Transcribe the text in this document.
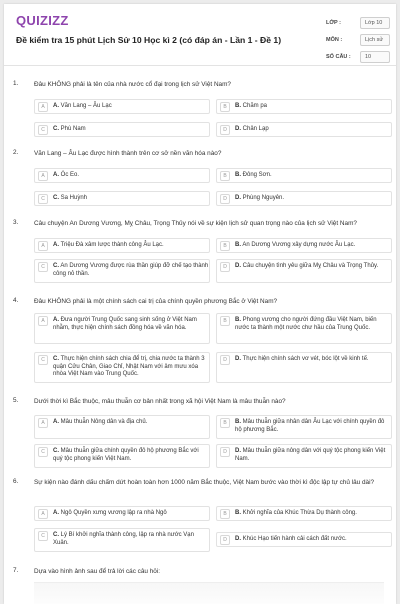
QUIZIZZ
Đề kiểm tra 15 phút Lịch Sử 10 Học kì 2 (có đáp án - Lần 1 - Đề 1)
LỚP :	Lớp 10
MÔN :	Lịch sử
SỐ CÂU :	10
1. Đâu KHÔNG phải là tên của nhà nước cổ đại trong lịch sử Việt Nam?
A	A. Văn Lang – Âu Lạc	B	B. Chăm pa
C	C. Phù Nam	D	D. Chân Lạp
2. Văn Lang – Âu Lạc được hình thành trên cơ sở nền văn hóa nào?
A	A. Óc Eo.	B	B. Đông Sơn.
C	C. Sa Huỳnh	D	D. Phùng Nguyên.
3. Câu chuyện An Dương Vương, Mỵ Châu, Trọng Thủy nói về sự kiện lịch sử quan trọng nào của lịch sử Việt Nam?
A	A. Triệu Đà xâm lược thành công Âu Lạc.	B	B. An Dương Vương xây dựng nước Âu Lạc.
C	C. An Dương Vương được rùa thần giúp đỡ chế tạo thành công nỏ thần.
D	D. Câu chuyện tình yêu giữa Mỵ Châu và Trọng Thủy.
4. Đâu KHÔNG phải là một chính sách cai trị của chính quyền phương Bắc ở Việt Nam?
A	A. Đưa người Trung Quốc sang sinh sống ở Việt Nam nhằm, thực hiện chính sách đồng hóa về văn hóa.
B	B. Phong vương cho người đứng đầu Việt Nam, biến nước ta thành một nước chư hầu của Trung Quốc.
C	C. Thực hiện chính sách chia để trị, chia nước ta thành 3 quận Cửu Chân, Giao Chỉ, Nhật Nam với âm mưu xóa nhòa Việt Nam vào Trung Quốc.
D	D. Thực hiện chính sách vơ vét, bóc lột về kinh tế.
5. Dưới thời kì Bắc thuộc, mâu thuẫn cơ bản nhất trong xã hội Việt Nam là mâu thuẫn nào?
A	A. Mâu thuẫn Nông dân và địa chủ.	B	B. Mâu thuẫn giữa nhân dân Âu Lạc với chính quyền đô hộ phương Bắc.
C	C. Mâu thuẫn giữa chính quyền đô hộ phương Bắc với quý tộc phong kiến Việt Nam.
D	D. Mâu thuẫn giữa nông dân với quý tộc phong kiến Việt Nam.
6. Sự kiện nào đánh dấu chấm dứt hoàn toàn hơn 1000 năm Bắc thuộc, Việt Nam bước vào thời kì độc lập tự chủ lâu dài?
A	A. Ngô Quyền xưng vương lập ra nhà Ngô	B	B. Khởi nghĩa của Khúc Thừa Dụ thành công.
C	C. Lý Bí khởi nghĩa thành công, lập ra nhà nước Vạn Xuân.	D	D. Khúc Hạo tiến hành cải cách đất nước.
7. Dựa vào hình ảnh sau để trả lời các câu hỏi:
